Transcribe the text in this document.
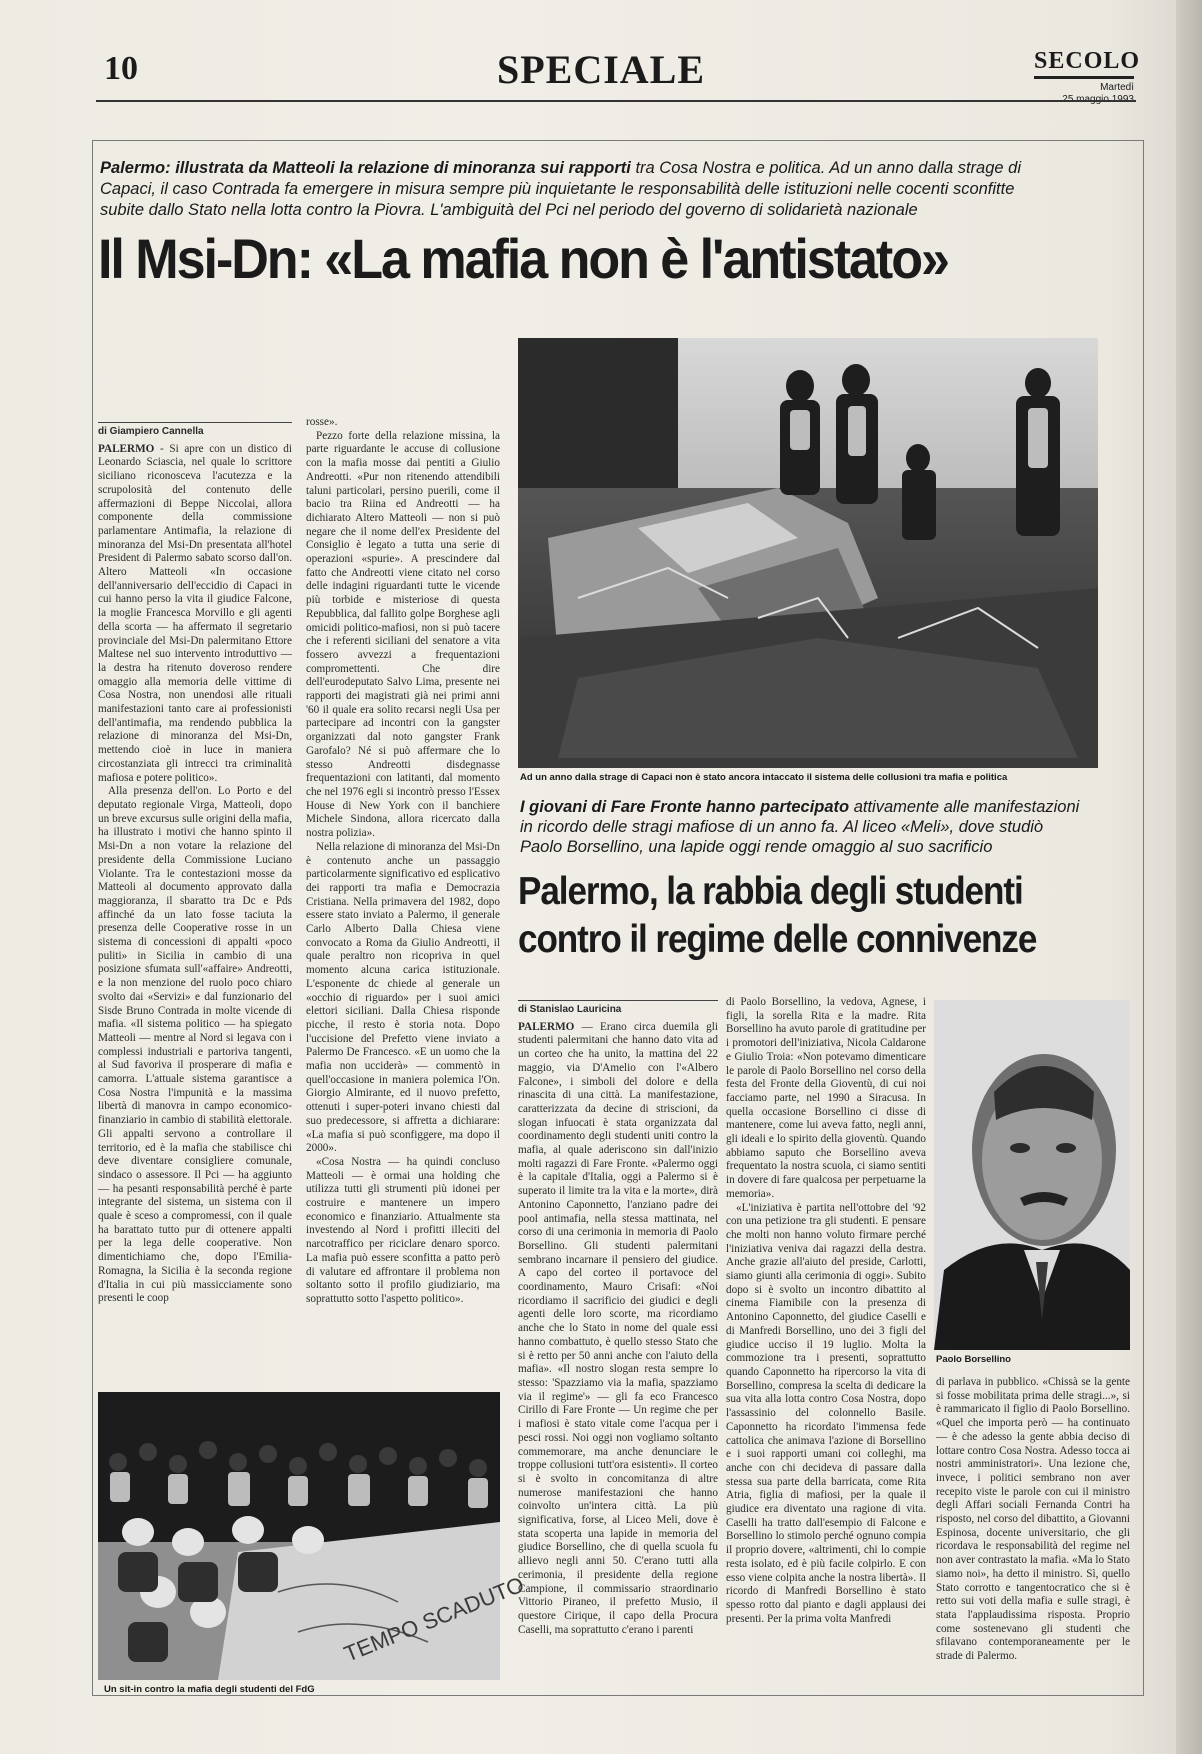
10	SPECIALE	SECOLO
Martedì
Palermo: illustrata da Matteoli la relazione di minoranza sui rapporti tra Cosa Nostra e politica. Ad un anno dalla strage di Capaci, il caso Contrada fa emergere in misura sempre più inquietante le responsabilità delle istituzioni nelle cocenti sconfitte subite dallo Stato nella lotta contro la Piovra. L'ambiguità del Pci nel periodo del governo di solidarietà nazionale
Il Msi-Dn: «La mafia non è l'antistato»
di Giampiero Cannella

PALERMO - Si apre con un distico di Leonardo Sciascia, nel quale lo scrittore siciliano riconosceva l'acutezza e la scrupolosità del contenuto delle affermazioni di Beppe Niccolai, allora componente della commissione parlamentare Antimafia, la relazione di minoranza del Msi-Dn presentata all'hotel President di Palermo sabato scorso dall'on. Altero Matteoli «In occasione dell'anniversario dell'eccidio di Capaci in cui hanno perso la vita il giudice Falcone, la moglie Francesca Morvillo e gli agenti della scorta — ha affermato il segretario provinciale del Msi-Dn palermitano Ettore Maltese nel suo intervento introduttivo — la destra ha ritenuto doveroso rendere omaggio alla memoria delle vittime di Cosa Nostra, non unendosi alle rituali manifestazioni tanto care ai professionisti dell'antimafia, ma rendendo pubblica la relazione di minoranza del Msi-Dn, mettendo cioè in luce in maniera circostanziata gli intrecci tra criminalità mafiosa e potere politico».

Alla presenza dell'on. Lo Porto e del deputato regionale Virga, Matteoli, dopo un breve excursus sulle origini della mafia, ha illustrato i motivi che hanno spinto il Msi-Dn a non votare la relazione del presidente della Commissione Luciano Violante. Tra le contestazioni mosse da Matteoli al documento approvato dalla maggioranza, il sbaratto tra Dc e Pds affinché da un lato fosse taciuta la presenza delle Cooperative rosse in un sistema di concessioni di appalti «poco puliti» in Sicilia in cambio di una posizione sfumata sull'«affaire» Andreotti, e la non menzione del ruolo poco chiaro svolto dai «Servizi» e dal funzionario del Sisde Bruno Contrada in molte vicende di mafia. «Il sistema politico — ha spiegato Matteoli — mentre al Nord si legava con i complessi industriali e partoriva tangenti, al Sud favoriva il prosperare di mafia e camorra. L'attuale sistema garantisce a Cosa Nostra l'impunità e la massima libertà di manovra in campo economico-finanziario in cambio di stabilità elettorale. Gli appalti servono a controllare il territorio, ed è la mafia che stabilisce chi deve diventare consigliere comunale, sindaco o assessore. Il Pci — ha aggiunto — ha pesanti responsabilità perché è parte integrante del sistema, un sistema con il quale è sceso a compromessi, con il quale ha barattato tutto pur di ottenere appalti per la lega delle cooperative. Non dimentichiamo che, dopo l'Emilia-Romagna, la Sicilia è la seconda regione d'Italia in cui più massicciamente sono presenti le coop

rosse».

Pezzo forte della relazione missina, la parte riguardante le accuse di collusione con la mafia mosse dai pentiti a Giulio Andreotti. «Pur non ritenendo attendibili taluni particolari, persino puerili, come il bacio tra Riina ed Andreotti — ha dichiarato Altero Matteoli — non si può negare che il nome dell'ex Presidente del Consiglio è legato a tutta una serie di operazioni «spurie». A prescindere dal fatto che Andreotti viene citato nel corso delle indagini riguardanti tutte le vicende più torbide e misteriose di questa Repubblica, dal fallito golpe Borghese agli omicidi politico-mafiosi, non si può tacere che i referenti siciliani del senatore a vita fossero avvezzi a frequentazioni compromettenti. Che dire dell'eurodeputato Salvo Lima, presente nei rapporti dei magistrati già nei primi anni '60 il quale era solito recarsi negli Usa per partecipare ad incontri con la gangster organizzati dal noto gangster Frank Garofalo? Né si può affermare che lo stesso Andreotti disdegnasse frequentazioni con latitanti, dal momento che nel 1976 egli si incontrò presso l'Essex House di New York con il banchiere Michele Sindona, allora ricercato dalla nostra polizia».

Nella relazione di minoranza del Msi-Dn è contenuto anche un passaggio particolarmente significativo ed esplicativo dei rapporti tra mafia e Democrazia Cristiana. Nella primavera del 1982, dopo essere stato inviato a Palermo, il generale Carlo Alberto Dalla Chiesa viene convocato a Roma da Giulio Andreotti, il quale peraltro non ricopriva in quel momento alcuna carica istituzionale. L'esponente dc chiede al generale un «occhio di riguardo» per i suoi amici elettori siciliani. Dalla Chiesa risponde picche, il resto è storia nota. Dopo l'uccisione del Prefetto viene inviato a Palermo De Francesco. «E un uomo che la mafia non ucciderà» — commentò in quell'occasione in maniera polemica l'On. Giorgio Almirante, ed il nuovo prefetto, ottenuti i super-poteri invano chiesti dal suo predecessore, si affretta a dichiarare: «La mafia si può sconfiggere, ma dopo il 2000».

«Cosa Nostra — ha quindi concluso Matteoli — è ormai una holding che utilizza tutti gli strumenti più idonei per costruire e mantenere un impero economico e finanziario. Attualmente sta investendo al Nord i profitti illeciti del narcotraffico per riciclare denaro sporco. La mafia può essere sconfitta a patto però di valutare ed affrontare il problema non soltanto sotto il profilo giudiziario, ma soprattutto sotto l'aspetto politico».

Ad un anno dalla strage di Capaci non è stato ancora intaccato il sistema delle collusioni tra mafia e politica
I giovani di Fare Fronte hanno partecipato attivamente alle manifestazioni in ricordo delle stragi mafiose di un anno fa. Al liceo «Meli», dove studiò Paolo Borsellino, una lapide oggi rende omaggio al suo sacrificio
Palermo, la rabbia degli studenti contro il regime delle connivenze
di Stanislao Lauricina

PALERMO — Erano circa duemila gli studenti palermitani che hanno dato vita ad un corteo che ha unito, la mattina del 22 maggio, via D'Amelio con l'«Albero Falcone», i simboli del dolore e della rinascita di una città. La manifestazione, caratterizzata da decine di striscioni, da slogan infuocati è stata organizzata dal coordinamento degli studenti uniti contro la mafia, al quale aderiscono sin dall'inizio molti ragazzi di Fare Fronte. «Palermo oggi è la capitale d'Italia, oggi a Palermo si è superato il limite tra la vita e la morte», dirà Antonino Caponnetto, l'anziano padre dei pool antimafia, nella stessa mattinata, nel corso di una cerimonia in memoria di Paolo Borsellino. Gli studenti palermitani sembrano incarnare il pensiero del giudice. A capo del corteo il portavoce del coordinamento, Mauro Crisafi: «Noi ricordiamo il sacrificio dei giudici e degli agenti delle loro scorte, ma ricordiamo anche che lo Stato in nome del quale essi hanno combattuto, è quello stesso Stato che si è retto per 50 anni anche con l'aiuto della mafia». «Il nostro slogan resta sempre lo stesso: 'Spazziamo via la mafia, spazziamo via il regime'» — gli fa eco Francesco Cirillo di Fare Fronte — Un regime che per i mafiosi è stato vitale come l'acqua per i pesci rossi. Noi oggi non vogliamo soltanto commemorare, ma anche denunciare le troppe collusioni tutt'ora esistenti». Il corteo si è svolto in concomitanza di altre numerose manifestazioni che hanno coinvolto un'intera città. La più significativa, forse, al Liceo Meli, dove è stata scoperta una lapide in memoria del giudice Borsellino, che di quella scuola fu allievo negli anni 50. C'erano tutti alla cerimonia, il presidente della regione Campione, il commissario straordinario Vittorio Piraneo, il prefetto Musio, il questore Cirique, il capo della Procura Caselli, ma soprattutto c'erano i parenti

di Paolo Borsellino, la vedova, Agnese, i figli, la sorella Rita e la madre. Rita Borsellino ha avuto parole di gratitudine per i promotori dell'iniziativa, Nicola Caldarone e Giulio Troia: «Non potevamo dimenticare le parole di Paolo Borsellino nel corso della festa del Fronte della Gioventù, di cui noi facciamo parte, nel 1990 a Siracusa. In quella occasione Borsellino ci disse di mantenere, come lui aveva fatto, negli anni, gli ideali e lo spirito della gioventù. Quando abbiamo saputo che Borsellino aveva frequentato la nostra scuola, ci siamo sentiti in dovere di fare qualcosa per perpetuarne la memoria».

«L'iniziativa è partita nell'ottobre del '92 con una petizione tra gli studenti. E pensare che molti non hanno voluto firmare perché l'iniziativa veniva dai ragazzi della destra. Anche grazie all'aiuto del preside, Carlotti, siamo giunti alla cerimonia di oggi». Subito dopo si è svolto un incontro dibattito al cinema Fiamibile con la presenza di Antonino Caponnetto, del giudice Caselli e di Manfredi Borsellino, uno dei 3 figli del giudice ucciso il 19 luglio. Molta la commozione tra i presenti, soprattutto quando Caponnetto ha ripercorso la vita di Borsellino, compresa la scelta di dedicare la sua vita alla lotta contro Cosa Nostra, dopo l'assassinio del colonnello Basile. Caponnetto ha ricordato l'immensa fede cattolica che animava l'azione di Borsellino e i suoi rapporti umani coi colleghi, ma anche con chi decideva di passare dalla stessa sua parte della barricata, come Rita Atria, figlia di mafiosi, per la quale il giudice era diventato una ragione di vita. Caselli ha tratto dall'esempio di Falcone e Borsellino lo stimolo perché ognuno compia il proprio dovere, «altrimenti, chi lo compie resta isolato, ed è più facile colpirlo. E con esso viene colpita anche la nostra libertà». Il ricordo di Manfredi Borsellino è stato spesso rotto dal pianto e dagli applausi dei presenti. Per la prima volta Manfredi

Paolo Borsellino

di parlava in pubblico. «Chissà se la gente si fosse mobilitata prima delle stragi...», si è rammaricato il figlio di Paolo Borsellino. «Quel che importa però — ha continuato — è che adesso la gente abbia deciso di lottare contro Cosa Nostra. Adesso tocca ai nostri amministratori». Una lezione che, invece, i politici sembrano non aver recepito viste le parole con cui il ministro degli Affari sociali Fernanda Contri ha risposto, nel corso del dibattito, a Giovanni Espinosa, docente universitario, che gli ricordava le responsabilità del regime nel non aver contrastato la mafia. «Ma lo Stato siamo noi», ha detto il ministro. Sì, quello Stato corrotto e tangentocratico che si è retto sui voti della mafia e sulle stragi, è stata l'applaudissima risposta. Proprio come sostenevano gli studenti che sfilavano contemporaneamente per le strade di Palermo.

TEMPO SCADUTO
Un sit-in contro la mafia degli studenti del FdG
